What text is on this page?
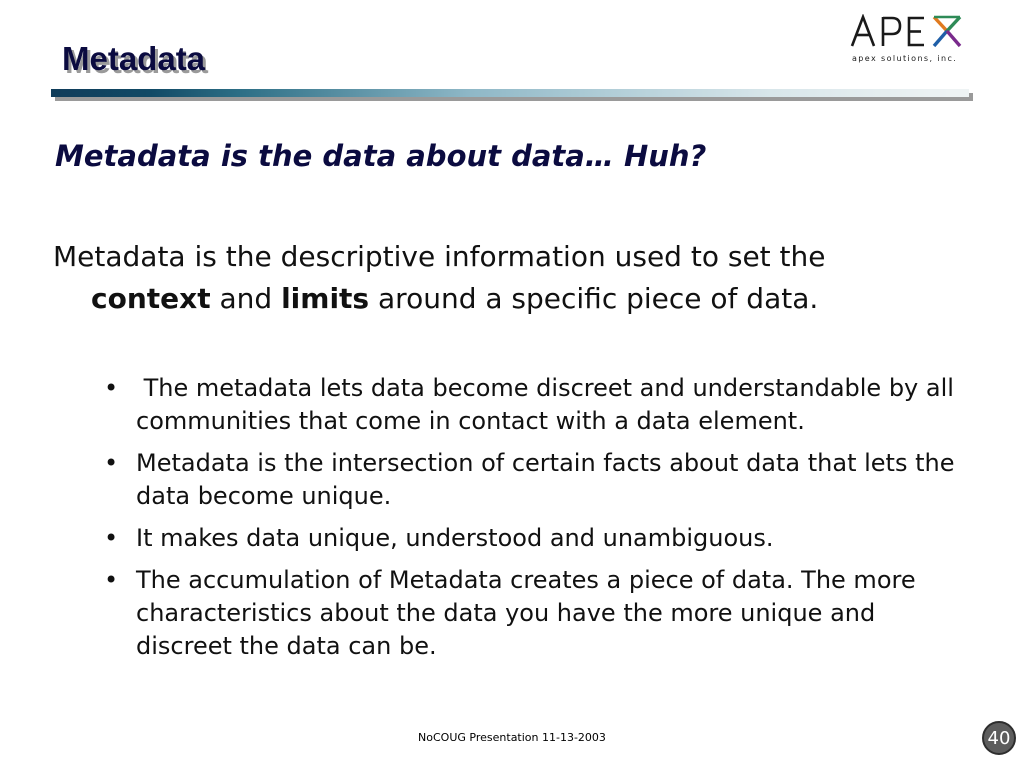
Metadata	apex solutions, inc.
Metadata is the data about data… Huh?
Metadata is the descriptive information used to set the
context and limits around a specific piece of data.
• The metadata lets data become discreet and understandable by all communities that come in contact with a data element.
• Metadata is the intersection of certain facts about data that lets the data become unique.
• It makes data unique, understood and unambiguous.
• The accumulation of Metadata creates a piece of data. The more characteristics about the data you have the more unique and discreet the data can be.
NoCOUG Presentation 11-13-2003	40
